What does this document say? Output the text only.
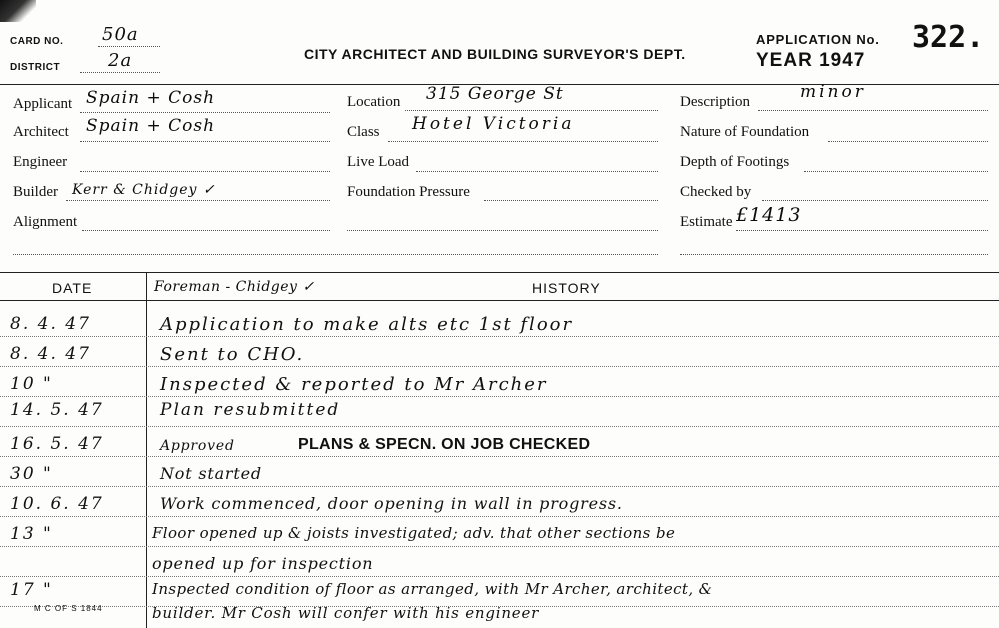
CARD NO. 50a
DISTRICT	2a	CITY ARCHITECT AND BUILDING SURVEYOR'S DEPT.
APPLICATION No. 322.
YEAR 1947
Applicant Spain + Cosh
Architect Spain + Cosh
Engineer
Builder Kerr & Chidgey ✓
Alignment
Location 315 George St
Class Hotel Victoria
Live Load
Foundation Pressure
Description	minor
Nature of Foundation
Depth of Footings
Checked by
Estimate £1413
DATE	Foreman - Chidgey ✓	HISTORY
8. 4. 47	Application to make alts etc 1st floor
8. 4. 47	Sent to CHO.
10 "	Inspected & reported to Mr Archer
14. 5. 47	Plan resubmitted
16. 5. 47	Approved	PLANS & SPECN. ON JOB CHECKED
30 "	Not started
10. 6. 47	Work commenced, door opening in wall in progress.
13 "	Floor opened up & joists investigated; adv. that other sections be
opened up for inspection
17 "	Inspected condition of floor as arranged, with Mr Archer, architect, &
builder. Mr Cosh will confer with his engineer
M C OF S 1844
